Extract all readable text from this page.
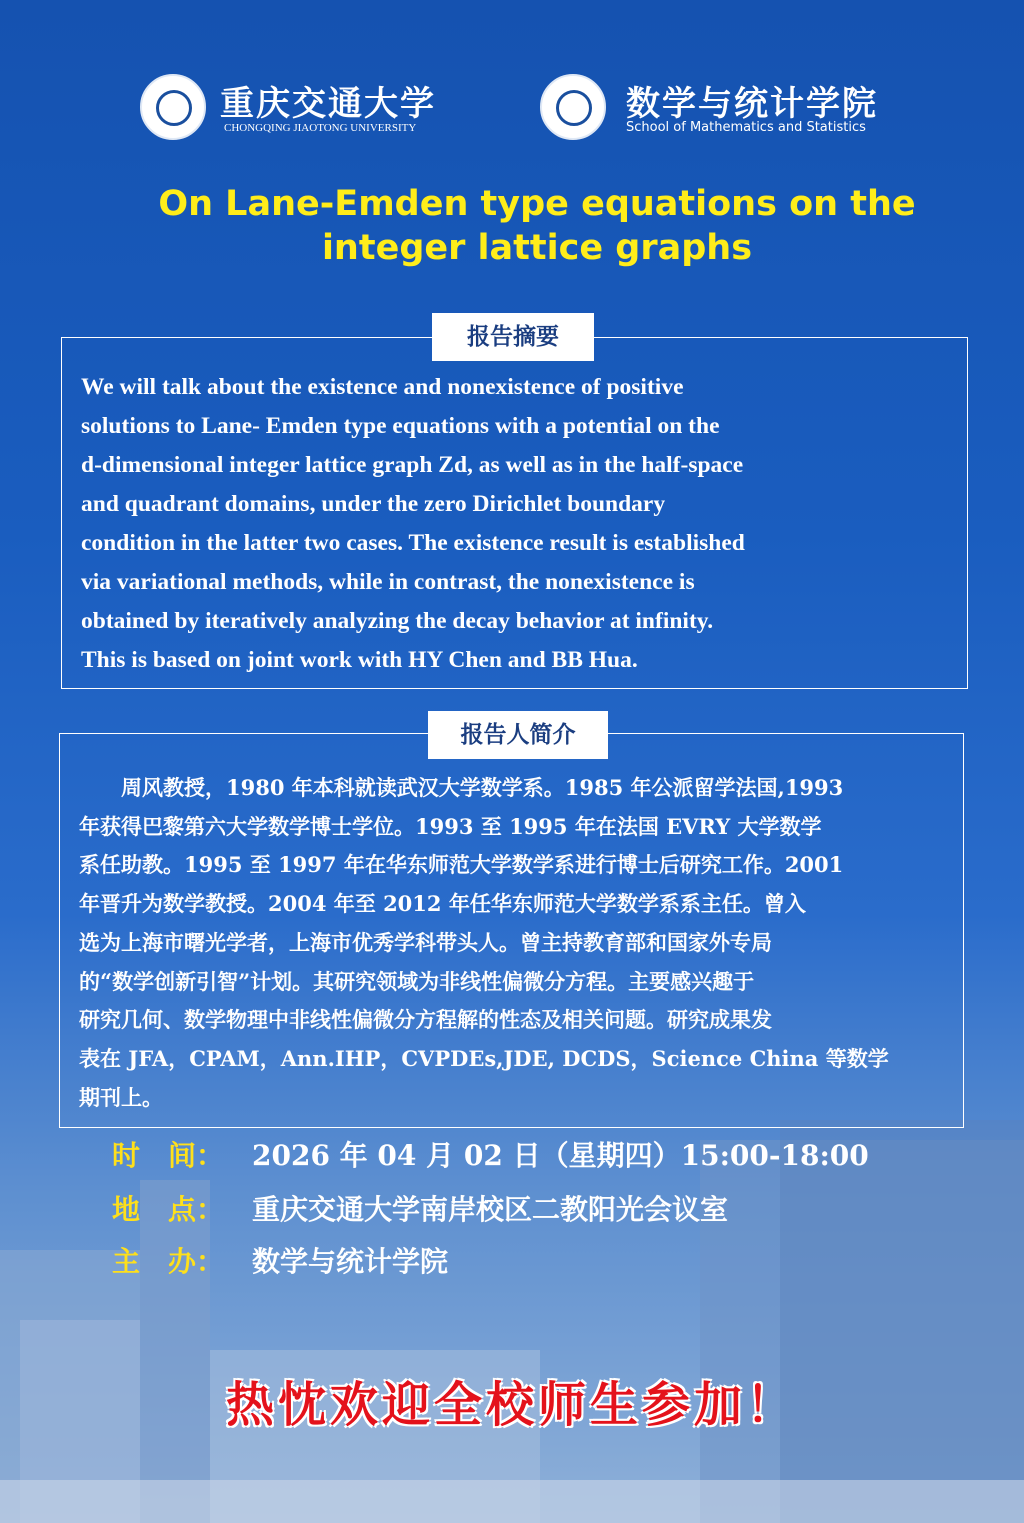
重庆交通大学
CHONGQING JIAOTONG UNIVERSITY
数学与统计学院
School of Mathematics and Statistics
On Lane-Emden type equations on the
integer lattice graphs
报告摘要
We will talk about the existence and nonexistence of positive
solutions to Lane- Emden type equations with a potential on the
d-dimensional integer lattice graph Zd, as well as in the half-space
and quadrant domains, under the zero Dirichlet boundary
condition in the latter two cases. The existence result is established
via variational methods, while in contrast, the nonexistence is
obtained by iteratively analyzing the decay behavior at infinity.
This is based on joint work with HY Chen and BB Hua.
报告人简介
　　周风教授，1980 年本科就读武汉大学数学系。1985 年公派留学法国,1993
年获得巴黎第六大学数学博士学位。1993 至 1995 年在法国 EVRY 大学数学
系任助教。1995 至 1997 年在华东师范大学数学系进行博士后研究工作。2001
年晋升为数学教授。2004 年至 2012 年任华东师范大学数学系系主任。曾入
选为上海市曙光学者，上海市优秀学科带头人。曾主持教育部和国家外专局
的“数学创新引智”计划。其研究领域为非线性偏微分方程。主要感兴趣于
研究几何、数学物理中非线性偏微分方程解的性态及相关问题。研究成果发
表在 JFA，CPAM，Ann.IHP，CVPDEs,JDE, DCDS，Science China 等数学
期刊上。
时　间： 2026 年 04 月 02 日（星期四）15:00-18:00
地　点： 重庆交通大学南岸校区二教阳光会议室
主　办： 数学与统计学院
热忱欢迎全校师生参加！
